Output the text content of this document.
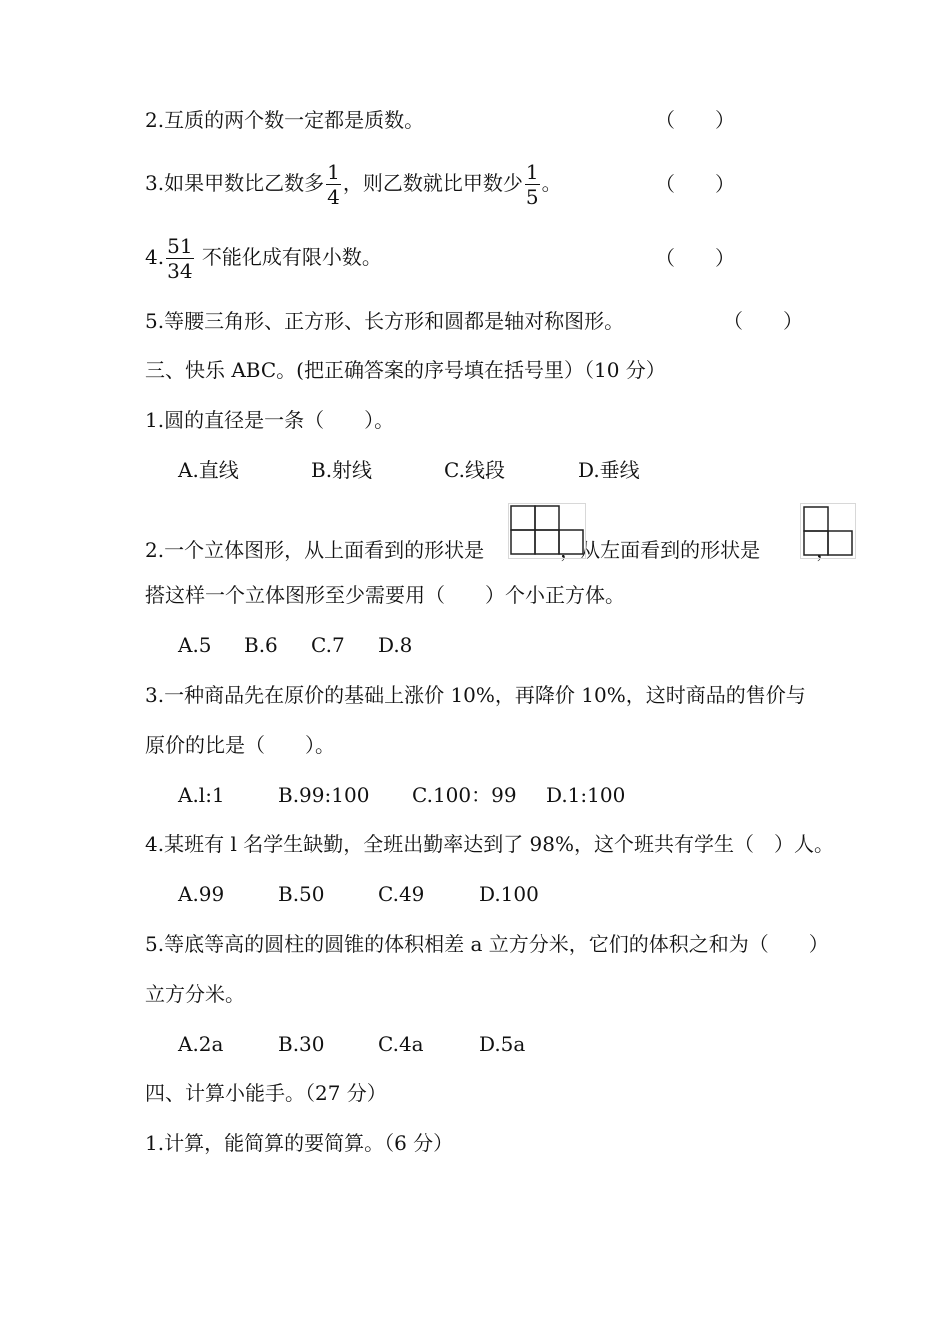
2.互质的两个数一定都是质数。	（　　）
3.如果甲数比乙数多 $\frac{1}{4}$ ，则乙数就比甲数少 $\frac{1}{5}$ 。	（　　）
4. $\frac{51}{34}$ 不能化成有限小数。	（　　）
5.等腰三角形、正方形、长方形和圆都是轴对称图形。	（　　）
三、快乐 ABC。(把正确答案的序号填在括号里）（10 分）
1.圆的直径是一条（　　）。
A.直线	B.射线	C.线段	D.垂线
2.一个立体图形，从上面看到的形状是	，从左面看到的形状是	，
搭这样一个立体图形至少需要用（　　）个小正方体。
A.5 B.6 C.7 D.8
3.一种商品先在原价的基础上涨价 10%，再降价 10%，这时商品的售价与
原价的比是（　　）。
A.l:1	B.99:100 C.100：99 D.1:100
4.某班有 l 名学生缺勤，全班出勤率达到了 98%，这个班共有学生（　）人。
A.99	B.50	C.49	D.100
5.等底等高的圆柱的圆锥的体积相差 a 立方分米，它们的体积之和为（　　）
立方分米。
A.2a	B.30	C.4a	D.5a
四、计算小能手。（27 分）
1.计算，能简算的要简算。（6 分）
